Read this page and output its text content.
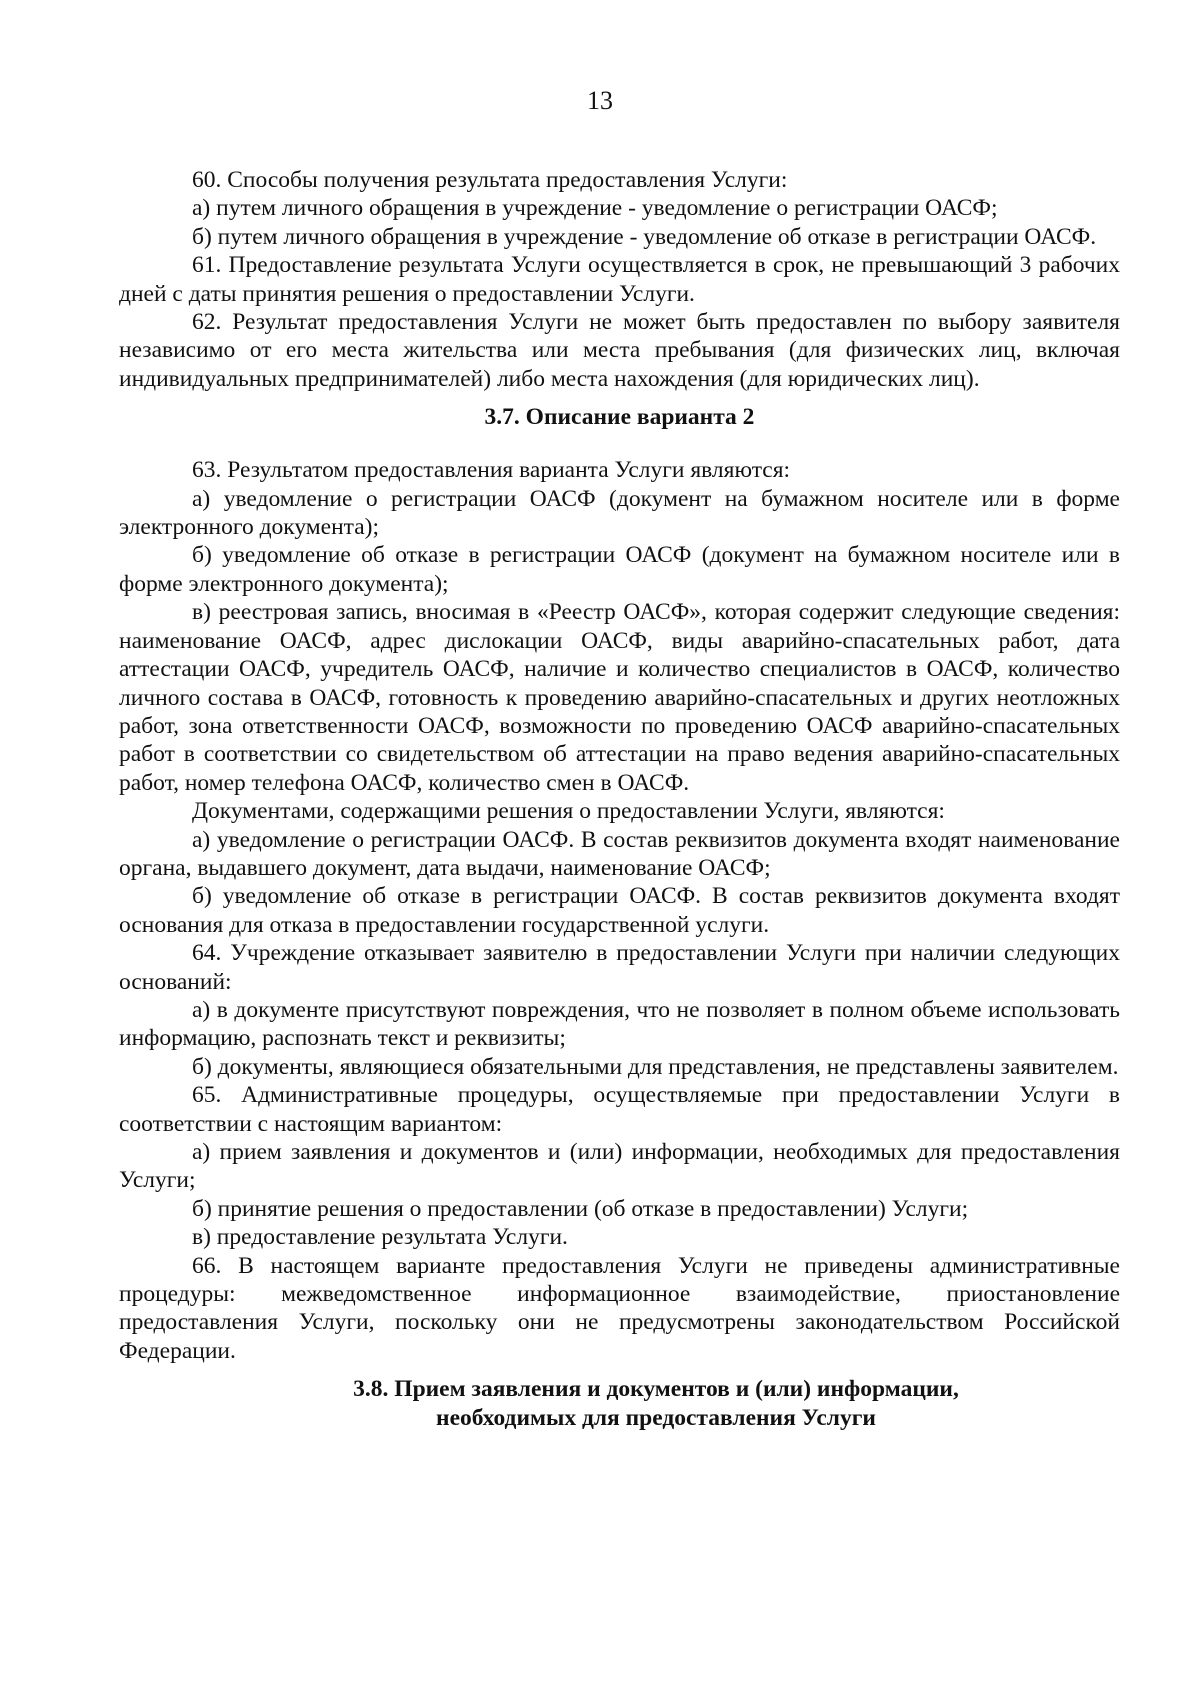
13

60. Способы получения результата предоставления Услуги:

а) путем личного обращения в учреждение - уведомление о регистрации ОАСФ;

б) путем личного обращения в учреждение - уведомление об отказе в регистрации ОАСФ.

61. Предоставление результата Услуги осуществляется в срок, не превышающий 3 рабочих дней с даты принятия решения о предоставлении Услуги.

62. Результат предоставления Услуги не может быть предоставлен по выбору заявителя независимо от его места жительства или места пребывания (для физических лиц, включая индивидуальных предпринимателей) либо места нахождения (для юридических лиц).

3.7. Описание варианта 2

63. Результатом предоставления варианта Услуги являются:

а) уведомление о регистрации ОАСФ (документ на бумажном носителе или в форме электронного документа);

б) уведомление об отказе в регистрации ОАСФ (документ на бумажном носителе или в форме электронного документа);

в) реестровая запись, вносимая в «Реестр ОАСФ», которая содержит следующие сведения: наименование ОАСФ, адрес дислокации ОАСФ, виды аварийно-спасательных работ, дата аттестации ОАСФ, учредитель ОАСФ, наличие и количество специалистов в ОАСФ, количество личного состава в ОАСФ, готовность к проведению аварийно-спасательных и других неотложных работ, зона ответственности ОАСФ, возможности по проведению ОАСФ аварийно-спасательных работ в соответствии со свидетельством об аттестации на право ведения аварийно-спасательных работ, номер телефона ОАСФ, количество смен в ОАСФ.

Документами, содержащими решения о предоставлении Услуги, являются:

а) уведомление о регистрации ОАСФ. В состав реквизитов документа входят наименование органа, выдавшего документ, дата выдачи, наименование ОАСФ;

б) уведомление об отказе в регистрации ОАСФ. В состав реквизитов документа входят основания для отказа в предоставлении государственной услуги.

64. Учреждение отказывает заявителю в предоставлении Услуги при наличии следующих оснований:

а) в документе присутствуют повреждения, что не позволяет в полном объеме использовать информацию, распознать текст и реквизиты;

б) документы, являющиеся обязательными для представления, не представлены заявителем.

65. Административные процедуры, осуществляемые при предоставлении Услуги в соответствии с настоящим вариантом:

а) прием заявления и документов и (или) информации, необходимых для предоставления Услуги;

б) принятие решения о предоставлении (об отказе в предоставлении) Услуги;

в) предоставление результата Услуги.

66. В настоящем варианте предоставления Услуги не приведены административные процедуры: межведомственное информационное взаимодействие, приостановление предоставления Услуги, поскольку они не предусмотрены законодательством Российской Федерации.

3.8. Прием заявления и документов и (или) информации,
необходимых для предоставления Услуги
